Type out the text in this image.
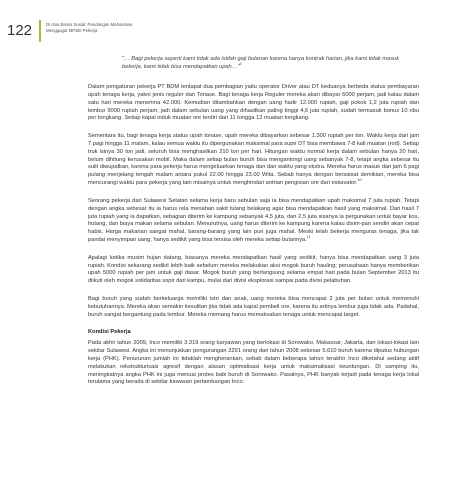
122	Di Atas Bisnis Sosial: Pandangan Mahasiswa
Menggugat MP3EI Pekerja

"… Bagi pekerja seperti kami tidak ada istilah gaji bulanan karena hanya kontrak harian, jika kami tidak masuk bekerja, kami tidak bisa mendapatkan upah…"$^9$

Dalam pengaturan pekerja PT BDM tentapat dua pembagian yaitu operator Driver atau DT keduanya berbeda status pembayaran upah tenaga kerja, yakni jenis reguler dan Tonase. Bagi tenaga kerja Reguler mereka akan dibayar 6000 perjam, jadi kalau dalam satu hari mereka menerima 42.000. Kemudian ditambahkan dengan uang hadir 12.000 rupiah, gaji pokok 1,2 juta rupiah dan lembur 9000 rupiah perjam, jadi dalam sebulan uang yang dihasilkan paling tinggi 4,6 juta rupiah, sudah termasuk bonus 10 ribu per tongkang. Setiap kapal induk muatan ore terdiri dari 11 tongga 12 muatan tongkang.

Sementara itu, bagi tenaga kerja status upah tonase, upah mereka dibayarkan sebesar 1.300 rupiah per ton. Waktu kerja dari jam 7 pagi hingga 11 malam, kalau semua waktu itu dipergunakan maksimal para supir DT bisa membawa 7-8 kali muatan (rod). Setiap truk isinya 30 ton jadi, seluruh bisa menghasilkan 210 ton per hari. Hitungan waktu normal kerja dalam sebulan hanya 20 hari, belum dihitung kerusakan mobil. Maka dalam setiap bulan buruh bisa mengantongi uang sebanyak 7-8, tetapi angka sebesar itu sulit diwujudkan, karena para pekerja harus mengeluarkan tenaga dan dan waktu yang ekstra. Mereka harus masuk dari jam 6 pagi pulang menjelang tengah malam antara pukul 22.00 hingga 23.00 Wita. Sebab hanya dengan bersaisat demikian, mereka bisa mencurangi waktu para pekerja yang lain misalnya untuk menghindari antrian pengisian ore dari eskavator.$^{10}$

Seorang pekerja dari Sulawesi Selatan selama kerja baru sebulan saja ia bisa mendapatkan upah maksimal 7 juta rupiah. Tetapi dengan angka sebesar itu ia harus rela menahan sakit tulang belakang agar bisa mendapatkan hasil yang maksimal. Dari hasil 7 juta rupiah yang ia dapatkan, sebagian diterim ke kampung sebanyak 4,5 juta, dan 2,5 juta sisanya ia pergunakan untuk bayar kos, hutang, dan biaya makan selama sebulan. Menurutnya, uang harus diterim ke kampung karena kalau disim-pan sendiri akan cepat habis. Harga makanan sangat mahal, barang-barang yang lain pun juga mahal. Meski telah bekerja menguras tenaga, jika tak pandai menyimpan uang, hanya sedikit yang bisa tersisa oleh mereka setiap bulannya.$^{11}$

Apalagi ketika musim hujan datang, biasanya mereka mendapatkan hasil yang sedikit, hanya bisa mendapatkan uang 3 juta rupiah. Kondisi sekarang sedikit lebih baik sebelum mereka melakukan aksi mogok buruh hauling; perusahaan hanya memberikan upah 5000 rupiah per jam untuk gaji dasar. Mogok buruh yang berlangsung selama empat hari pada bulan September 2013 itu diikuti oleh mogok solidaritas sopir dari kampu, mulai dari divisi eksplorasi sampai pada divisi pelabuhan.

Bagi buruh yang sudah berkeluarga memiliki istri dan anak, uang mereka bisa mencapai 2 juta per bulan untuk memenuhi kebutuhannya. Mereka akan semakin kesulitan jika tidak ada kapal pembeli ore, karena itu artinya lembur juga tidak ada. Padahal, buruh sangat bergantung pada lembur. Mereka memang harus memaksakan tenaga untuk mencapai target.

Kondisi Pekerja

Pada akhir tahun 2009, Inco memiliki 3.319 orang karyawan yang berlokasi di Sorowako, Makassar, Jakarta, dan lokasi-lokasi lain sekitar Sulawesi. Angka ini menunjukkan pengurangan 2291 orang dari tahun 2008 sebesar 5.610 buruh karena diputus hubungan kerja (PHK). Penurunan jumlah ini tidaklah mengherankan, sebab dalam beberapa tahun terakhir Inco diketahui sedang aktif melakukan rekstrukturisasi agresif dengan alasan optimalisasi kerja untuk maksimalisasi keuntungan. Di samping itu, meningkatnya angka PHK ini juga menuai protes baik buruh di Sorowako. Pasalnya, PHK banyak terjadi pada tenaga kerja lokal terutama yang berada di sekitar kawasan pertambangan Inco.
